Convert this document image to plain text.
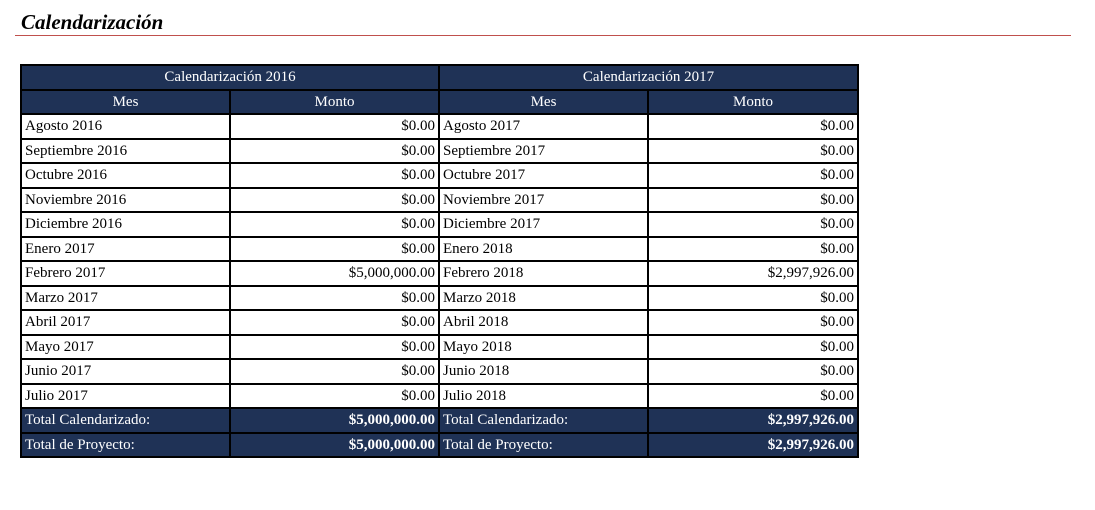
Calendarización
Calendarización 2016		Calendarización 2017	
Mes	Monto	Mes	Monto
Agosto 2016	$0.00	Agosto 2017	$0.00
Septiembre 2016	$0.00	Septiembre 2017	$0.00
Octubre 2016	$0.00	Octubre 2017	$0.00
Noviembre 2016	$0.00	Noviembre 2017	$0.00
Diciembre 2016	$0.00	Diciembre 2017	$0.00
Enero 2017	$0.00	Enero 2018	$0.00
Febrero 2017	$5,000,000.00	Febrero 2018	$2,997,926.00
Marzo 2017	$0.00	Marzo 2018	$0.00
Abril 2017	$0.00	Abril 2018	$0.00
Mayo 2017	$0.00	Mayo 2018	$0.00
Junio 2017	$0.00	Junio 2018	$0.00
Julio 2017	$0.00	Julio 2018	$0.00
Total Calendarizado:	$5,000,000.00	Total Calendarizado:	$2,997,926.00
Total de Proyecto:	$5,000,000.00	Total de Proyecto:	$2,997,926.00
